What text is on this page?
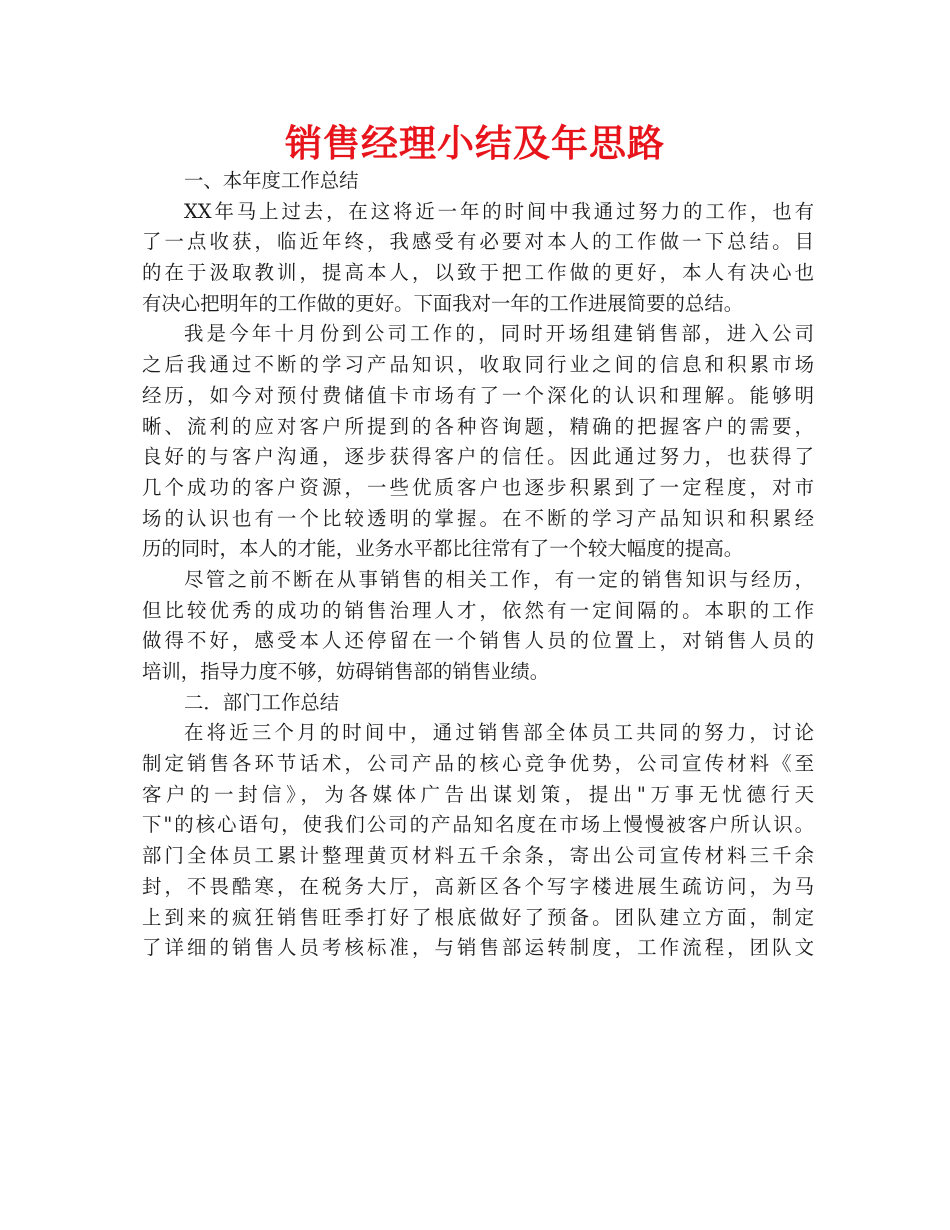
销售经理小结及年思路
一、本年度工作总结
XX年马上过去，在这将近一年的时间中我通过努力的工作，也有
了一点收获，临近年终，我感受有必要对本人的工作做一下总结。目
的在于汲取教训，提高本人，以致于把工作做的更好，本人有决心也
有决心把明年的工作做的更好。下面我对一年的工作进展简要的总结。
我是今年十月份到公司工作的，同时开场组建销售部，进入公司
之后我通过不断的学习产品知识，收取同行业之间的信息和积累市场
经历，如今对预付费储值卡市场有了一个深化的认识和理解。能够明
晰、流利的应对客户所提到的各种咨询题，精确的把握客户的需要，
良好的与客户沟通，逐步获得客户的信任。因此通过努力，也获得了
几个成功的客户资源，一些优质客户也逐步积累到了一定程度，对市
场的认识也有一个比较透明的掌握。在不断的学习产品知识和积累经
历的同时，本人的才能，业务水平都比往常有了一个较大幅度的提高。
尽管之前不断在从事销售的相关工作，有一定的销售知识与经历，
但比较优秀的成功的销售治理人才，依然有一定间隔的。本职的工作
做得不好，感受本人还停留在一个销售人员的位置上，对销售人员的
培训，指导力度不够，妨碍销售部的销售业绩。
二．部门工作总结
在将近三个月的时间中，通过销售部全体员工共同的努力，讨论
制定销售各环节话术，公司产品的核心竞争优势，公司宣传材料《至
客户的一封信》，为各媒体广告出谋划策，提出"万事无忧德行天
下"的核心语句，使我们公司的产品知名度在市场上慢慢被客户所认识。
部门全体员工累计整理黄页材料五千余条，寄出公司宣传材料三千余
封，不畏酷寒，在税务大厅，高新区各个写字楼进展生疏访问，为马
上到来的疯狂销售旺季打好了根底做好了预备。团队建立方面，制定
了详细的销售人员考核标准，与销售部运转制度，工作流程，团队文
